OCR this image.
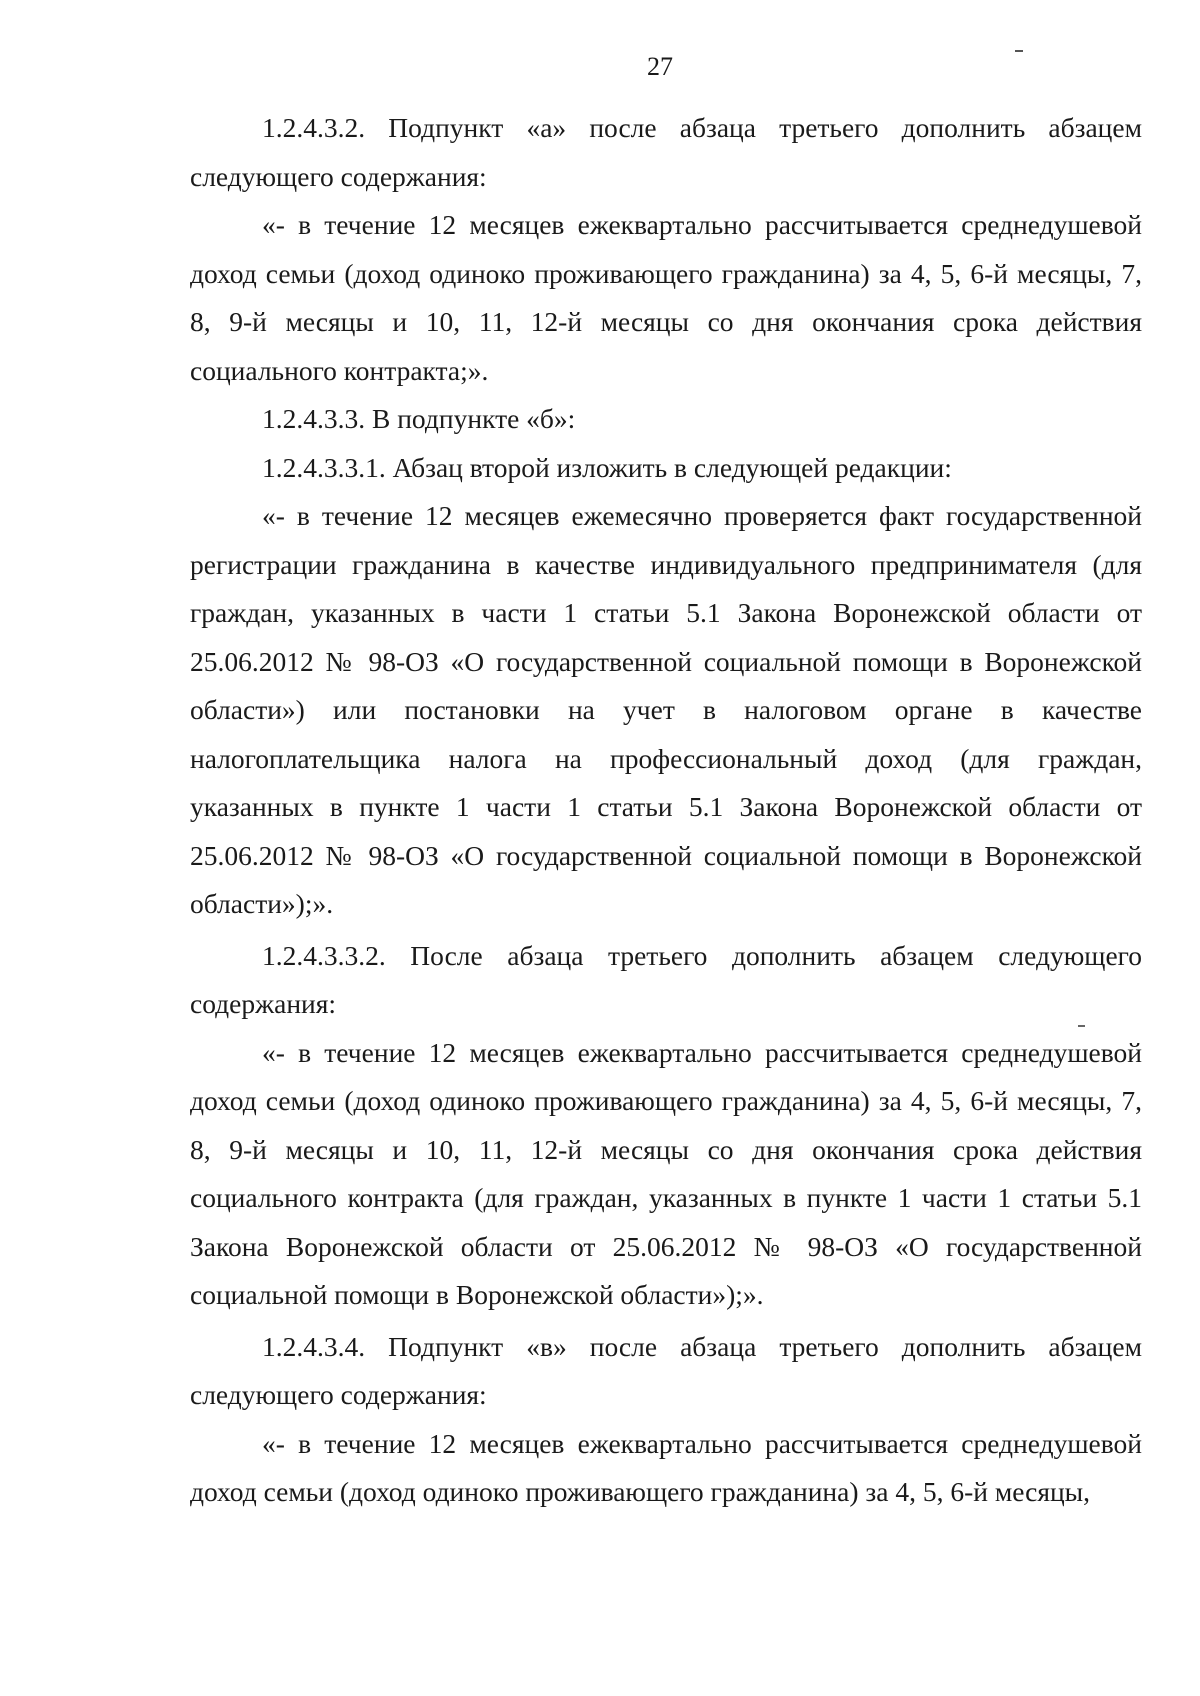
27

1.2.4.3.2. Подпункт «а» после абзаца третьего дополнить абзацем следующего содержания:

«- в течение 12 месяцев ежеквартально рассчитывается среднедушевой доход семьи (доход одиноко проживающего гражданина) за 4, 5, 6-й месяцы, 7, 8, 9-й месяцы и 10, 11, 12-й месяцы со дня окончания срока действия социального контракта;».

1.2.4.3.3. В подпункте «б»:

1.2.4.3.3.1. Абзац второй изложить в следующей редакции:

«- в течение 12 месяцев ежемесячно проверяется факт государственной регистрации гражданина в качестве индивидуального предпринимателя (для граждан, указанных в части 1 статьи 5.1 Закона Воронежской области от 25.06.2012 № 98-ОЗ «О государственной социальной помощи в Воронежской области») или постановки на учет в налоговом органе в качестве налогоплательщика налога на профессиональный доход (для граждан, указанных в пункте 1 части 1 статьи 5.1 Закона Воронежской области от 25.06.2012 № 98-ОЗ «О государственной социальной помощи в Воронежской области»);».

1.2.4.3.3.2. После абзаца третьего дополнить абзацем следующего содержания:

«- в течение 12 месяцев ежеквартально рассчитывается среднедушевой доход семьи (доход одиноко проживающего гражданина) за 4, 5, 6-й месяцы, 7, 8, 9-й месяцы и 10, 11, 12-й месяцы со дня окончания срока действия социального контракта (для граждан, указанных в пункте 1 части 1 статьи 5.1 Закона Воронежской области от 25.06.2012 № 98-ОЗ «О государственной социальной помощи в Воронежской области»);».

1.2.4.3.4. Подпункт «в» после абзаца третьего дополнить абзацем следующего содержания:

«- в течение 12 месяцев ежеквартально рассчитывается среднедушевой доход семьи (доход одиноко проживающего гражданина) за 4, 5, 6-й месяцы,
